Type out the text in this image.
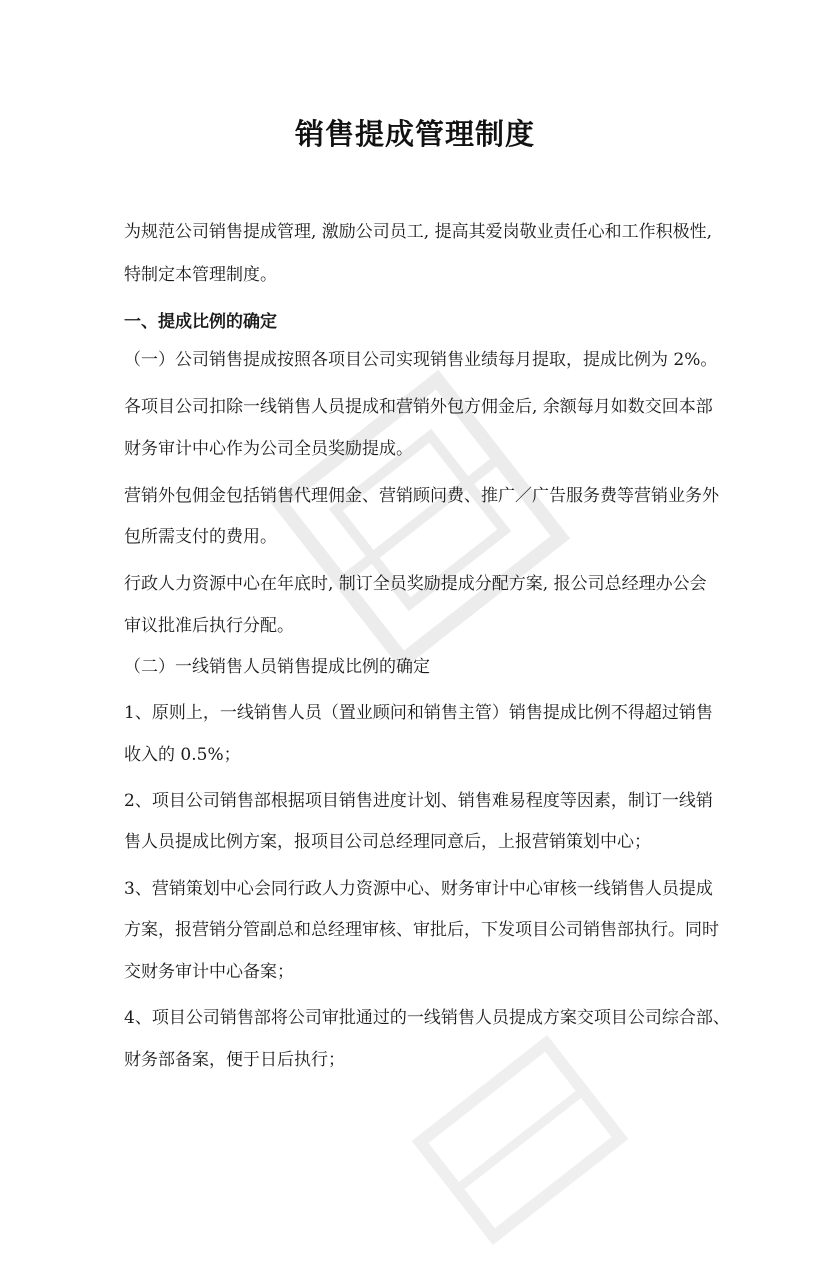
销售提成管理制度
为规范公司销售提成管理, 激励公司员工, 提高其爱岗敬业责任心和工作积极性,
特制定本管理制度。
一、提成比例的确定
（一）公司销售提成按照各项目公司实现销售业绩每月提取，提成比例为 2%。
各项目公司扣除一线销售人员提成和营销外包方佣金后, 余额每月如数交回本部
财务审计中心作为公司全员奖励提成。
营销外包佣金包括销售代理佣金、营销顾问费、推广／广告服务费等营销业务外
包所需支付的费用。
行政人力资源中心在年底时, 制订全员奖励提成分配方案, 报公司总经理办公会
审议批准后执行分配。
（二）一线销售人员销售提成比例的确定
1、原则上，一线销售人员（置业顾问和销售主管）销售提成比例不得超过销售
收入的 0.5%；
2、项目公司销售部根据项目销售进度计划、销售难易程度等因素，制订一线销
售人员提成比例方案，报项目公司总经理同意后，上报营销策划中心；
3、营销策划中心会同行政人力资源中心、财务审计中心审核一线销售人员提成
方案，报营销分管副总和总经理审核、审批后，下发项目公司销售部执行。同时
交财务审计中心备案；
4、项目公司销售部将公司审批通过的一线销售人员提成方案交项目公司综合部、
财务部备案，便于日后执行；
